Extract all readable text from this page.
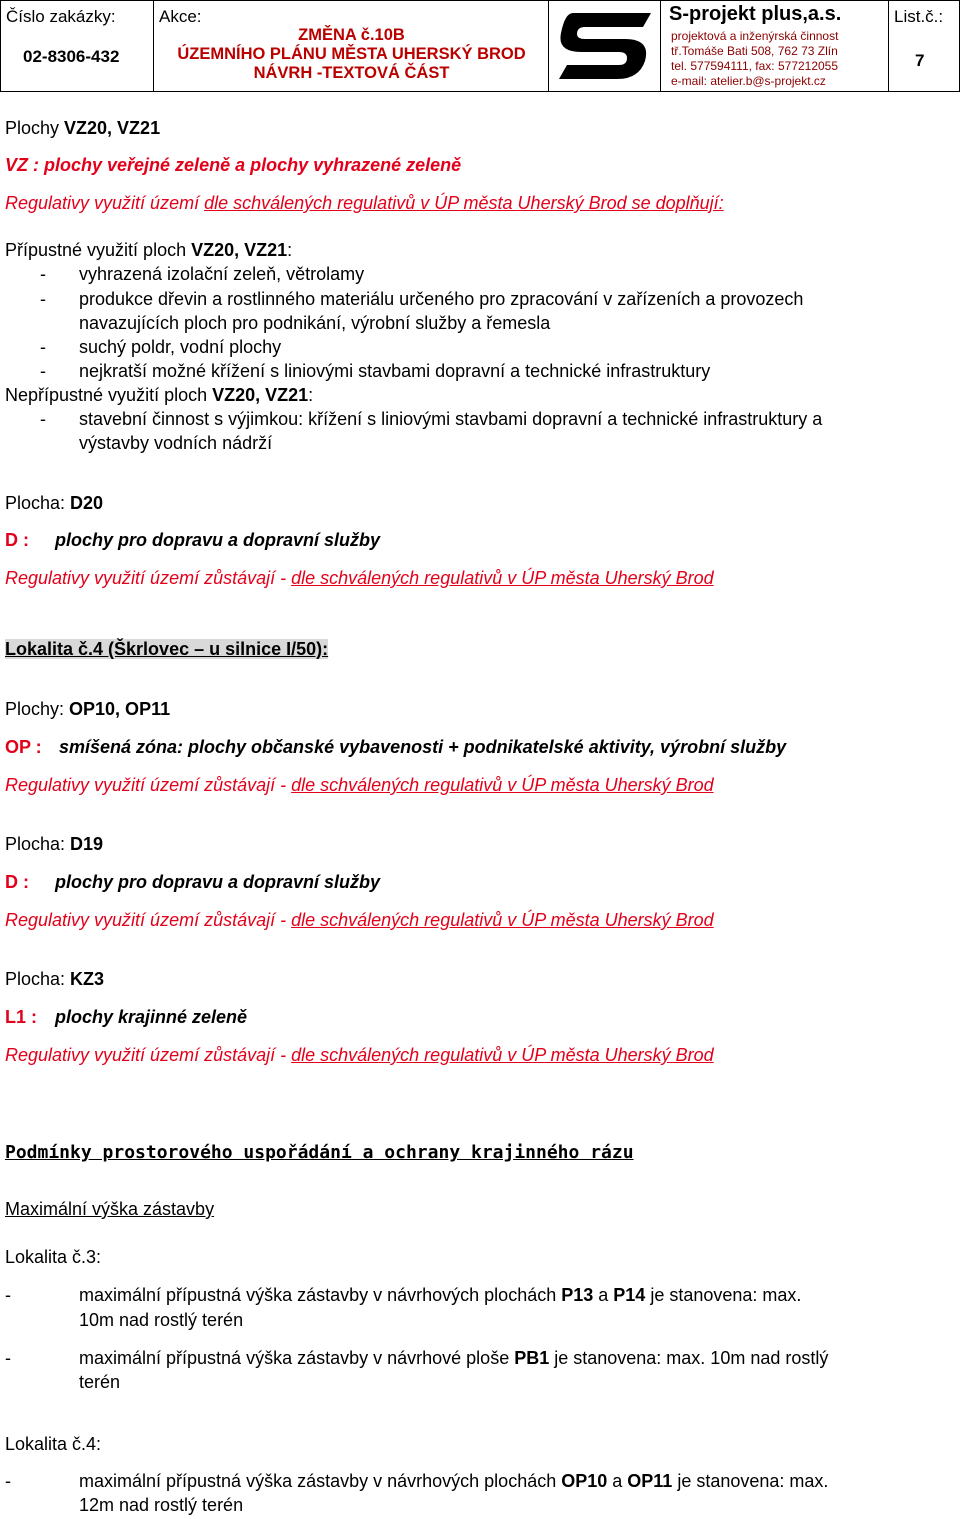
Číslo zakázky:
02-8306-432
Akce:
ZMĚNA č.10B
ÚZEMNÍHO PLÁNU MĚSTA UHERSKÝ BROD
NÁVRH -TEXTOVÁ ČÁST
S-projekt plus,a.s.
projektová a inženýrská činnost
tř.Tomáše Bati 508, 762 73 Zlín
tel. 577594111, fax: 577212055
e-mail: atelier.b@s-projekt.cz
List.č.:
7
Plochy VZ20, VZ21
VZ : plochy veřejné zeleně a plochy vyhrazené zeleně
Regulativy využití území dle schválených regulativů v ÚP města Uherský Brod se doplňují:
Přípustné využití ploch VZ20, VZ21:
- vyhrazená izolační zeleň, větrolamy
- produkce dřevin a rostlinného materiálu určeného pro zpracování v zařízeních a provozech
navazujících ploch pro podnikání, výrobní služby a řemesla
- suchý poldr, vodní plochy
- nejkratší možné křížení s liniovými stavbami dopravní a technické infrastruktury
Nepřípustné využití ploch VZ20, VZ21:
- stavební činnost s výjimkou: křížení s liniovými stavbami dopravní a technické infrastruktury a
výstavby vodních nádrží
Plocha: D20
D : plochy pro dopravu a dopravní služby
Regulativy využití území zůstávají - dle schválených regulativů v ÚP města Uherský Brod
Lokalita č.4 (Škrlovec – u silnice I/50):
Plochy: OP10, OP11
OP : smíšená zóna: plochy občanské vybavenosti + podnikatelské aktivity, výrobní služby
Regulativy využití území zůstávají - dle schválených regulativů v ÚP města Uherský Brod
Plocha: D19
D : plochy pro dopravu a dopravní služby
Regulativy využití území zůstávají - dle schválených regulativů v ÚP města Uherský Brod
Plocha: KZ3
L1 : plochy krajinné zeleně
Regulativy využití území zůstávají - dle schválených regulativů v ÚP města Uherský Brod
Podmínky prostorového uspořádání a ochrany krajinného rázu
Maximální výška zástavby
Lokalita č.3:
-	maximální přípustná výška zástavby v návrhových plochách P13 a P14 je stanovena: max.
10m nad rostlý terén
-	maximální přípustná výška zástavby v návrhové ploše PB1 je stanovena: max. 10m nad rostlý
terén
Lokalita č.4:
-	maximální přípustná výška zástavby v návrhových plochách OP10 a OP11 je stanovena: max.
12m nad rostlý terén
